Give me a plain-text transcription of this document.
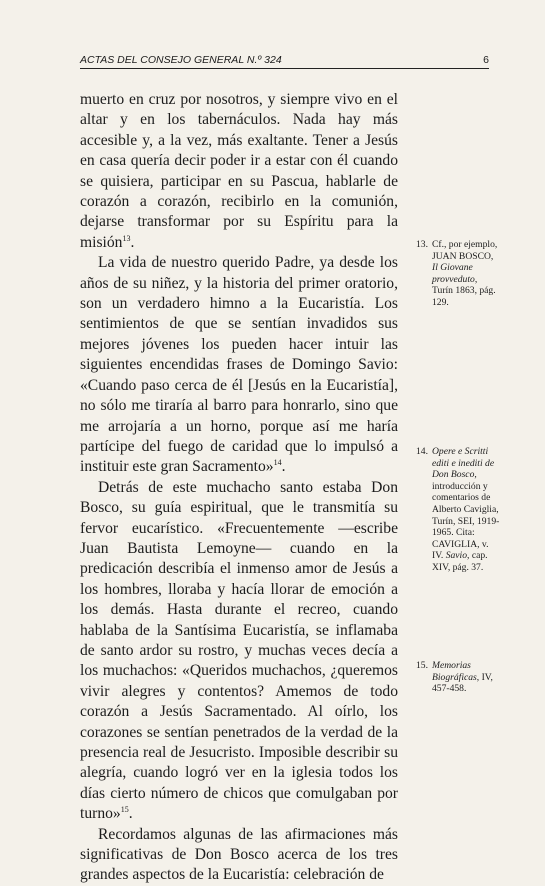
ACTAS DEL CONSEJO GENERAL N.º 324	6

muerto en cruz por nosotros, y siempre vivo en el altar y en los tabernáculos. Nada hay más accesible y, a la vez, más exaltante. Tener a Jesús en casa quería decir poder ir a estar con él cuando se quisiera, participar en su Pascua, hablarle de corazón a corazón, recibirlo en la comunión, dejarse transformar por su Espíritu para la misión$^{13}$.

La vida de nuestro querido Padre, ya desde los años de su niñez, y la historia del primer oratorio, son un verdadero himno a la Eucaristía. Los sentimientos de que se sentían invadidos sus mejores jóvenes los pueden hacer intuir las siguientes encendidas frases de Domingo Savio: «Cuando paso cerca de él [Jesús en la Eucaristía], no sólo me tiraría al barro para honrarlo, sino que me arrojaría a un horno, porque así me haría partícipe del fuego de caridad que lo impulsó a instituir este gran Sacramento»$^{14}$.

Detrás de este muchacho santo estaba Don Bosco, su guía espiritual, que le transmitía su fervor eucarístico. «Frecuentemente —escribe Juan Bautista Lemoyne— cuando en la predicación describía el inmenso amor de Jesús a los hombres, lloraba y hacía llorar de emoción a los demás. Hasta durante el recreo, cuando hablaba de la Santísima Eucaristía, se inflamaba de santo ardor su rostro, y muchas veces decía a los muchachos: «Queridos muchachos, ¿queremos vivir alegres y contentos? Amemos de todo corazón a Jesús Sacramentado. Al oírlo, los corazones se sentían penetrados de la verdad de la presencia real de Jesucristo. Imposible describir su alegría, cuando logró ver en la iglesia todos los días cierto número de chicos que comulgaban por turno»$^{15}$.

Recordamos algunas de las afirmaciones más significativas de Don Bosco acerca de los tres grandes aspectos de la Eucaristía: celebración de

13. Cf., por ejemplo, JUAN BOSCO, Il Giovane provveduto, Turín 1863, pág. 129.
14. Opere e Scritti editi e inediti de Don Bosco, introducción y comentarios de Alberto Caviglia, Turín, SEI, 1919-1965. Cita: CAVIGLIA, v. IV. Savio, cap. XIV, pág. 37.
15. Memorias Biográficas, IV, 457-458.
